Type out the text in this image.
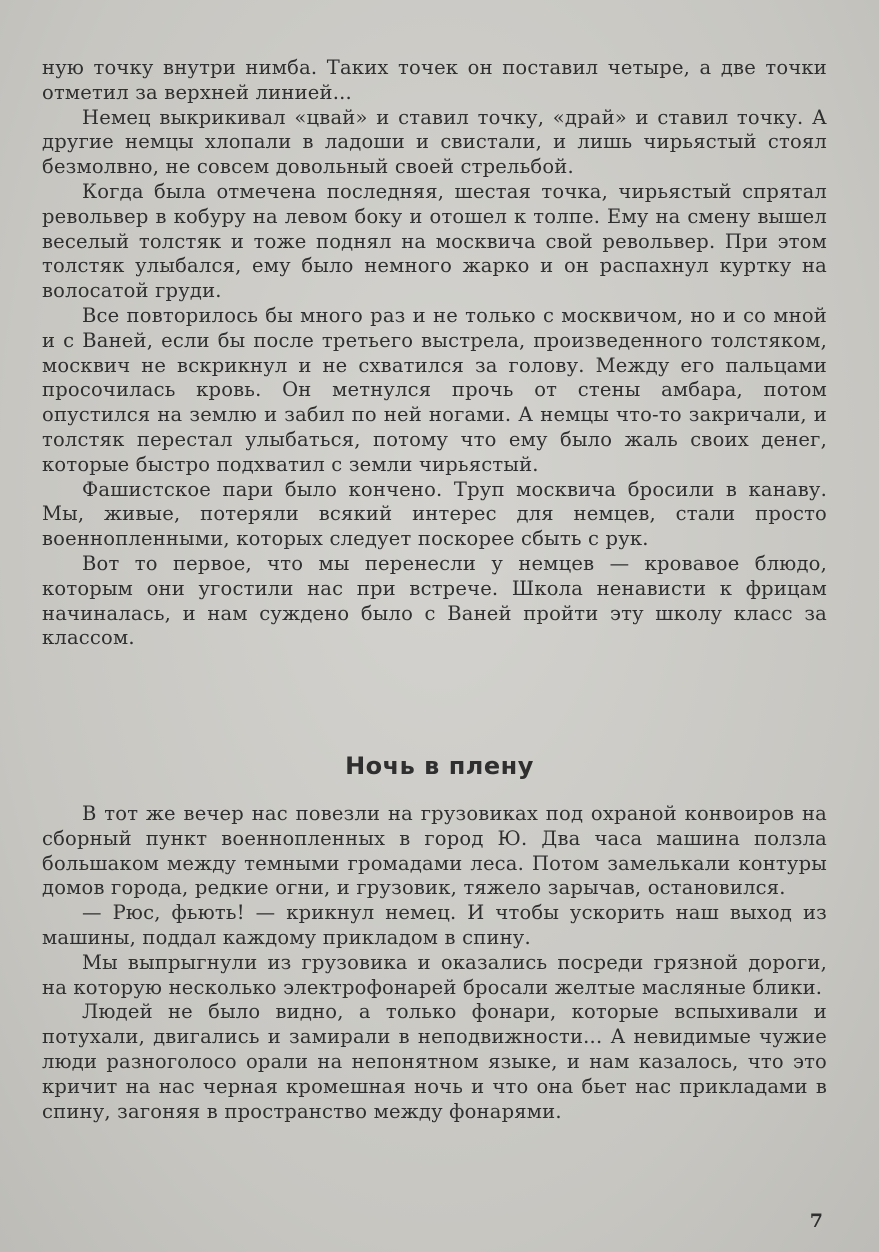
ную точку внутри нимба. Таких точек он поставил четыре, а две точки отметил за верхней линией...

Немец выкрикивал «цвай» и ставил точку, «драй» и ставил точку. А другие немцы хлопали в ладоши и свистали, и лишь чирьястый стоял безмолвно, не совсем довольный своей стрельбой.

Когда была отмечена последняя, шестая точка, чирьястый спрятал револьвер в кобуру на левом боку и отошел к толпе. Ему на смену вышел веселый толстяк и тоже поднял на москвича свой револьвер. При этом толстяк улыбался, ему было немного жарко и он распахнул куртку на волосатой груди.

Все повторилось бы много раз и не только с москвичом, но и со мной и с Ваней, если бы после третьего выстрела, произведенного толстяком, москвич не вскрикнул и не схватился за голову. Между его пальцами просочилась кровь. Он метнулся прочь от стены амбара, потом опустился на землю и забил по ней ногами. А немцы что-то закричали, и толстяк перестал улыбаться, потому что ему было жаль своих денег, которые быстро подхватил с земли чирьястый.

Фашистское пари было кончено. Труп москвича бросили в канаву. Мы, живые, потеряли всякий интерес для немцев, стали просто военнопленными, которых следует поскорее сбыть с рук.

Вот то первое, что мы перенесли у немцев — кровавое блюдо, которым они угостили нас при встрече. Школа ненависти к фрицам начиналась, и нам суждено было с Ваней пройти эту школу класс за классом.

Ночь в плену

В тот же вечер нас повезли на грузовиках под охраной конвоиров на сборный пункт военнопленных в город Ю. Два часа машина ползла большаком между темными громадами леса. Потом замелькали контуры домов города, редкие огни, и грузовик, тяжело зарычав, остановился.

— Рюс, фьють! — крикнул немец. И чтобы ускорить наш выход из машины, поддал каждому прикладом в спину.

Мы выпрыгнули из грузовика и оказались посреди грязной дороги, на которую несколько электрофонарей бросали желтые масляные блики.

Людей не было видно, а только фонари, которые вспыхивали и потухали, двигались и замирали в неподвижности... А невидимые чужие люди разноголосо орали на непонятном языке, и нам казалось, что это кричит на нас черная кромешная ночь и что она бьет нас прикладами в спину, загоняя в пространство между фонарями.

7
